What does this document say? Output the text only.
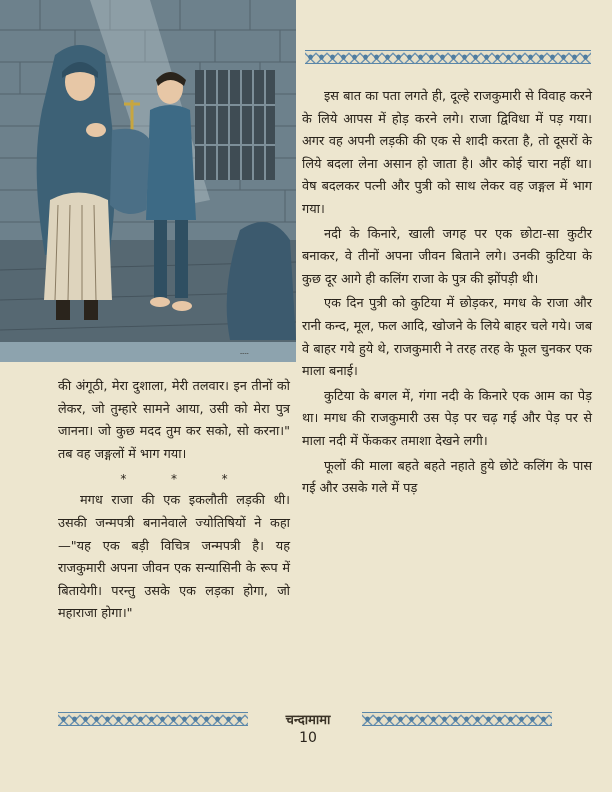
----

इस बात का पता लगते ही, दूल्हे राजकुमारी से विवाह करने के लिये आपस में होड़ करने लगे। राजा द्विविधा में पड़ गया। अगर वह अपनी लड़की की एक से शादी करता है, तो दूसरों के लिये बदला लेना असान हो जाता है। और कोई चारा नहीं था। वेष बदलकर पत्नी और पुत्री को साथ लेकर वह जङ्गल में भाग गया।

नदी के किनारे, खाली जगह पर एक छोटा-सा कुटीर बनाकर, वे तीनों अपना जीवन बिताने लगे। उनकी कुटिया के कुछ दूर आगे ही कलिंग राजा के पुत्र की झोंपड़ी थी।

एक दिन पुत्री को कुटिया में छोड़कर, मगध के राजा और रानी कन्द, मूल, फल आदि, खोजने के लिये बाहर चले गये। जब वे बाहर गये हुये थे, राजकुमारी ने तरह तरह के फूल चुनकर एक माला बनाई।

कुटिया के बगल में, गंगा नदी के किनारे एक आम का पेड़ था। मगध की राजकुमारी उस पेड़ पर चढ़ गई और पेड़ पर से माला नदी में फेंककर तमाशा देखने लगी।

फूलों की माला बहते बहते नहाते हुये छोटे कलिंग के पास गई और उसके गले में पड़

की अंगूठी, मेरा दुशाला, मेरी तलवार। इन तीनों को लेकर, जो तुम्हारे सामने आया, उसी को मेरा पुत्र जानना। जो कुछ मदद तुम कर सको, सो करना।" तब वह जङ्गलों में भाग गया।

*	*	*

मगध राजा की एक इकलौती लड़की थी। उसकी जन्मपत्री बनानेवाले ज्योतिषियों ने कहा—"यह एक बड़ी विचित्र जन्मपत्री है। यह राजकुमारी अपना जीवन एक सन्यासिनी के रूप में बितायेगी। परन्तु उसके एक लड़का होगा, जो महाराजा होगा।"

चन्दामामा
10
